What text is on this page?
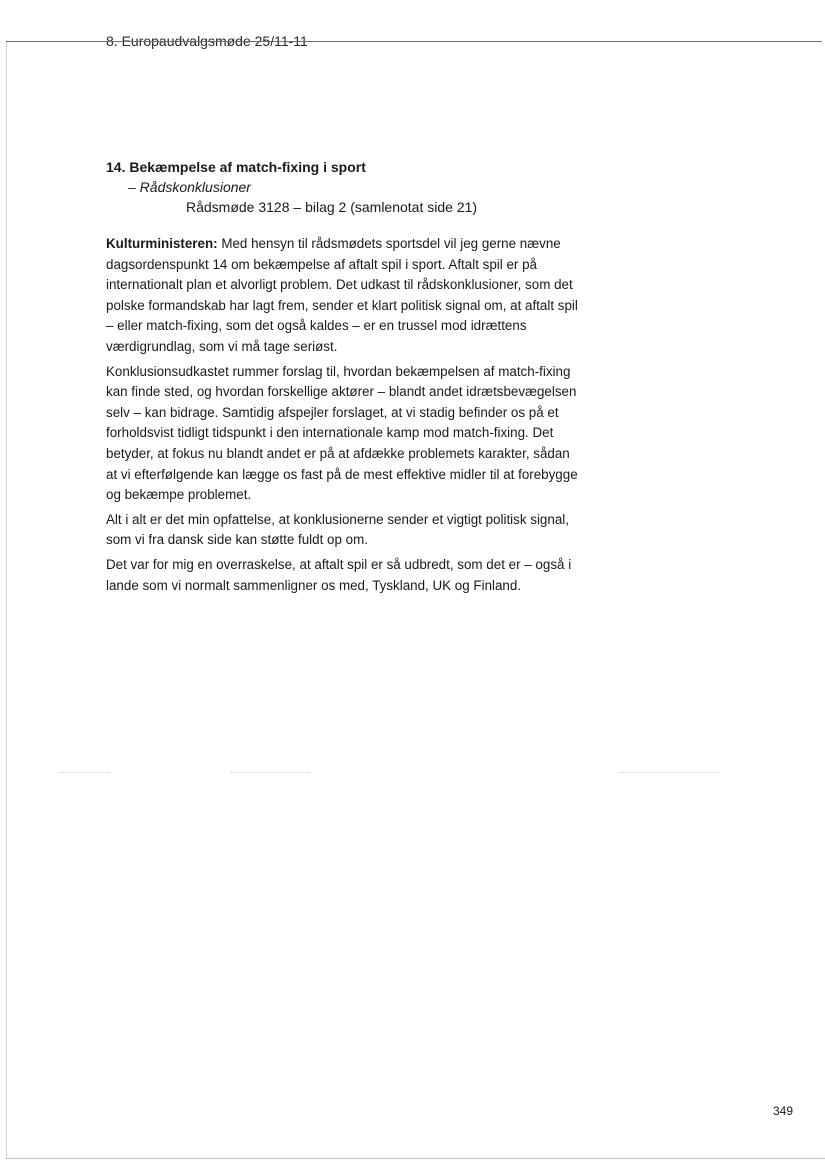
8. Europaudvalgsmøde 25/11-11

14. Bekæmpelse af match-fixing i sport

– Rådskonklusioner

Rådsmøde 3128 – bilag 2 (samlenotat side 21)

Kulturministeren: Med hensyn til rådsmødets sportsdel vil jeg gerne nævne dagsordenspunkt 14 om bekæmpelse af aftalt spil i sport. Aftalt spil er på internationalt plan et alvorligt problem. Det udkast til rådskonklusioner, som det polske formandskab har lagt frem, sender et klart politisk signal om, at aftalt spil – eller match-fixing, som det også kaldes – er en trussel mod idrættens værdigrundlag, som vi må tage seriøst.

Konklusionsudkastet rummer forslag til, hvordan bekæmpelsen af match-fixing kan finde sted, og hvordan forskellige aktører – blandt andet idrætsbevægelsen selv – kan bidrage. Samtidig afspejler forslaget, at vi stadig befinder os på et forholdsvist tidligt tidspunkt i den internationale kamp mod match-fixing. Det betyder, at fokus nu blandt andet er på at afdække problemets karakter, sådan at vi efterfølgende kan lægge os fast på de mest effektive midler til at forebygge og bekæmpe problemet.

Alt i alt er det min opfattelse, at konklusionerne sender et vigtigt politisk signal, som vi fra dansk side kan støtte fuldt op om.

Det var for mig en overraskelse, at aftalt spil er så udbredt, som det er – også i lande som vi normalt sammenligner os med, Tyskland, UK og Finland.

349
